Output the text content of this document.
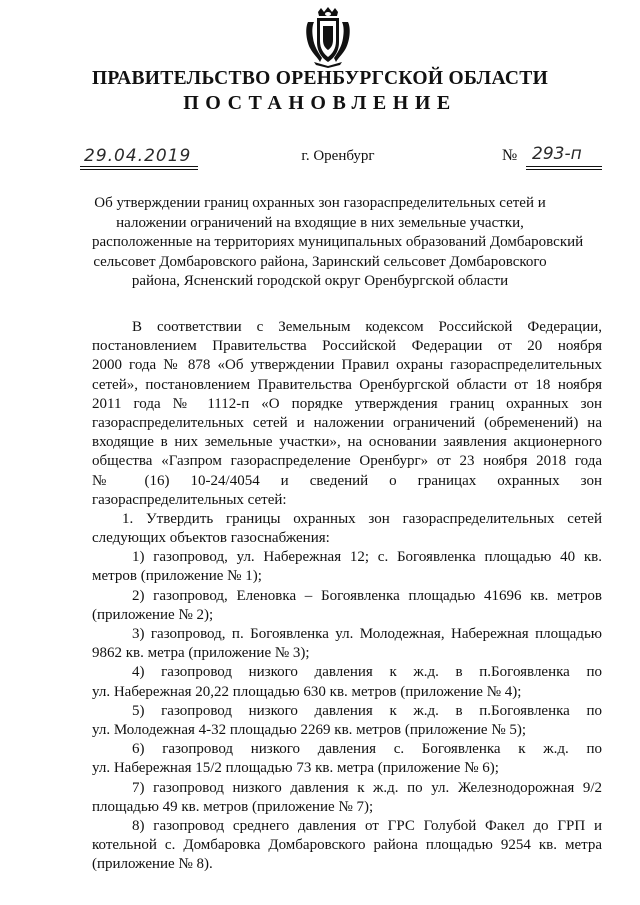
ПРАВИТЕЛЬСТВО ОРЕНБУРГСКОЙ ОБЛАСТИ
ПОСТАНОВЛЕНИЕ
29.04.2019	г. Оренбург	№ 293-п
Об утверждении границ охранных зон газораспределительных сетей и
наложении ограничений на входящие в них земельные участки,
расположенные на территориях муниципальных образований Домбаровский
сельсовет Домбаровского района, Заринский сельсовет Домбаровского
района, Ясненский городской округ Оренбургской области
В соответствии с Земельным кодексом Российской Федерации,
постановлением Правительства Российской Федерации от 20 ноября
2000 года № 878 «Об утверждении Правил охраны газораспределительных
сетей», постановлением Правительства Оренбургской области от 18 ноября
2011 года № 1112-п «О порядке утверждения границ охранных зон
газораспределительных сетей и наложении ограничений (обременений) на
входящие в них земельные участки», на основании заявления акционерного
общества «Газпром газораспределение Оренбург» от 23 ноября 2018 года
№ (16) 10-24/4054 и сведений о границах охранных зон
газораспределительных сетей:
1. Утвердить границы охранных зон газораспределительных сетей
следующих объектов газоснабжения:
1) газопровод, ул. Набережная 12; с. Богоявленка площадью 40 кв.
метров (приложение № 1);
2) газопровод, Еленовка – Богоявленка площадью 41696 кв. метров
(приложение № 2);
3) газопровод, п. Богоявленка ул. Молодежная, Набережная площадью
9862 кв. метра (приложение № 3);
4) газопровод низкого давления к ж.д. в п.Богоявленка по
ул. Набережная 20,22 площадью 630 кв. метров (приложение № 4);
5) газопровод низкого давления к ж.д. в п.Богоявленка по
ул. Молодежная 4-32 площадью 2269 кв. метров (приложение № 5);
6) газопровод низкого давления с. Богоявленка к ж.д. по
ул. Набережная 15/2 площадью 73 кв. метра (приложение № 6);
7) газопровод низкого давления к ж.д. по ул. Железнодорожная 9/2
площадью 49 кв. метров (приложение № 7);
8) газопровод среднего давления от ГРС Голубой Факел до ГРП и
котельной с. Домбаровка Домбаровского района площадью 9254 кв. метра
(приложение № 8).
